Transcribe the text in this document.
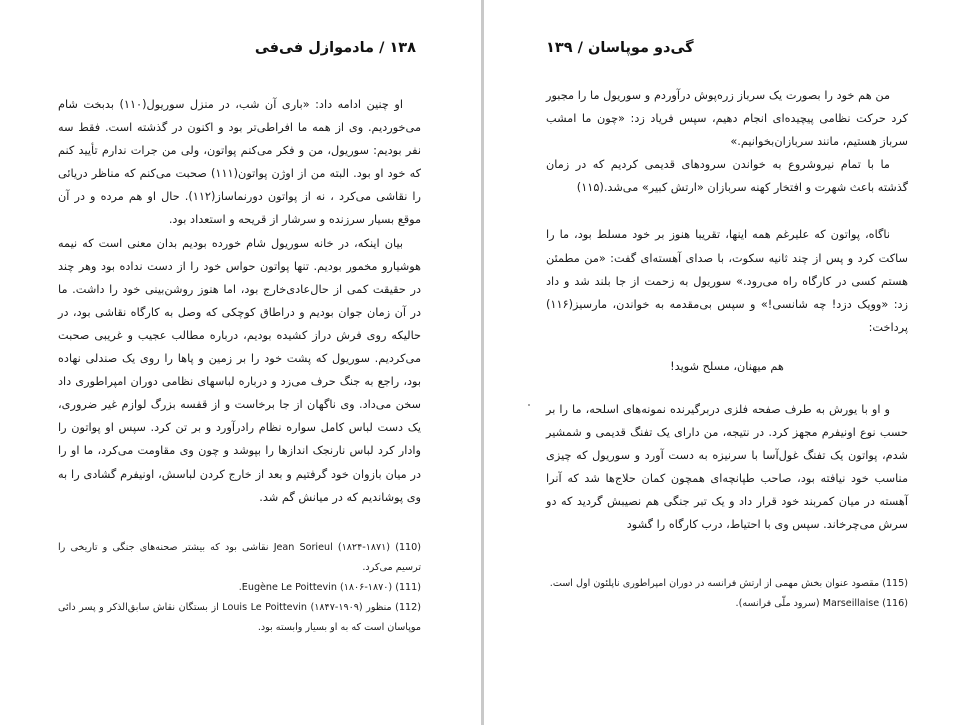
۱۳۸ / مادموازل فی‌فی

او چنین ادامه داد: «باری آن شب، در منزل سوریول(۱۱۰) بدبخت شام می‌خوردیم. وی از همه ما افراطی‌تر بود و اکنون در گذشته است. فقط سه نفر بودیم: سوریول، من و فکر می‌کنم پواتون، ولی من جرات ندارم تأیید کنم که خود او بود. البته من از اوژن پواتون(۱۱۱) صحبت می‌کنم که مناظر دریائی را نقاشی می‌کرد ، نه از پواتون دورنماساز(۱۱۲). حال او هم مرده و در آن موقع بسیار سرزنده و سرشار از قریحه و استعداد بود.

بیان اینکه، در خانه سوریول شام خورده بودیم بدان معنی است که نیمه هوشیارو مخمور بودیم. تنها پواتون حواس خود را از دست نداده بود وهر چند در حقیقت کمی از حال‌عادی‌خارج بود، اما هنوز روشن‌بینی خود را داشت. ما در آن زمان جوان بودیم و دراطاق کوچکی که وصل به کارگاه نقاشی بود، در حالیکه روی فرش دراز کشیده بودیم، درباره مطالب عجیب و غریبی صحبت می‌کردیم. سوریول که پشت خود را بر زمین و پاها را روی یک صندلی نهاده بود، راجع به جنگ حرف می‌زد و درباره لباسهای نظامی دوران امپراطوری داد سخن می‌داد. وی ناگهان از جا برخاست و از قفسه بزرگ لوازم غیر ضروری، یک دست لباس کامل سواره نظام رادرآورد و بر تن کرد. سپس او پواتون را وادار کرد لباس نارنجک اندازها را بپوشد و چون وی مقاومت می‌کرد، ما او را در میان بازوان خود گرفتیم و بعد از خارج کردن لباسش، اونیفرم گشادی را به وی پوشاندیم که در میانش گم شد.

(110) Jean Sorieul (۱۸۲۴-۱۸۷۱) نقاشی بود که بیشتر صحنه‌های جنگی و تاریخی را ترسیم می‌کرد.

(111) Eugène Le Poittevin (۱۸۰۶-۱۸۷۰).

(112) منظور Louis Le Poittevin (۱۸۴۷-۱۹۰۹) از بستگان نقاش سابق‌الذکر و پسر دائی موپاسان است که به او بسیار وابسته بود.

گی‌دو موپاسان / ۱۳۹

من هم خود را بصورت یک سرباز زره‌پوش درآوردم و سوریول ما را مجبور کرد حرکت نظامی پیچیده‌ای انجام دهیم، سپس فریاد زد: «چون ما امشب سرباز هستیم، مانند سربازان‌بخوانیم.»

ما با تمام نیرو‌شروع به خواندن سرودهای قدیمی کردیم که در زمان گذشته باعث شهرت و افتخار کهنه سربازان «ارتش کبیر» می‌شد.(۱۱۵)

ناگاه، پواتون که علیرغم همه اینها، تقریبا هنوز بر خود مسلط بود، ما را ساکت کرد و پس از چند ثانیه سکوت، با صدای آهسته‌ای گفت: «من مطمئن هستم کسی در کارگاه راه می‌رود.» سوریول به زحمت از جا بلند شد و داد زد: «وویک دزد! چه شانسی!» و سپس بی‌مقدمه به خواندن، مارسیز(۱۱۶) پرداخت:

هم میهنان، مسلح شوید!

و او با یورش به طرف صفحه فلزی دربرگیرنده نمونه‌های اسلحه، ما را بر حسب نوع اونیفرم مجهز کرد. در نتیجه، من دارای یک تفنگ قدیمی و شمشیر شدم، پواتون یک تفنگ غول‌آسا با سرنیزه به دست آورد و سوریول که چیزی مناسب خود نیافته بود، صاحب طپانچه‌ای همچون کمان حلاج‌ها شد که آنرا آهسته در میان کمربند خود قرار داد و یک تبر جنگی هم نصیبش گردید که دو سرش می‌چرخاند. سپس وی با احتیاط، درب کارگاه را گشود

(115) مقصود عنوان بخش مهمی از ارتش فرانسه در دوران امپراطوری ناپلئون اول است.

(116) Marseillaise (سرود ملّی فرانسه).
